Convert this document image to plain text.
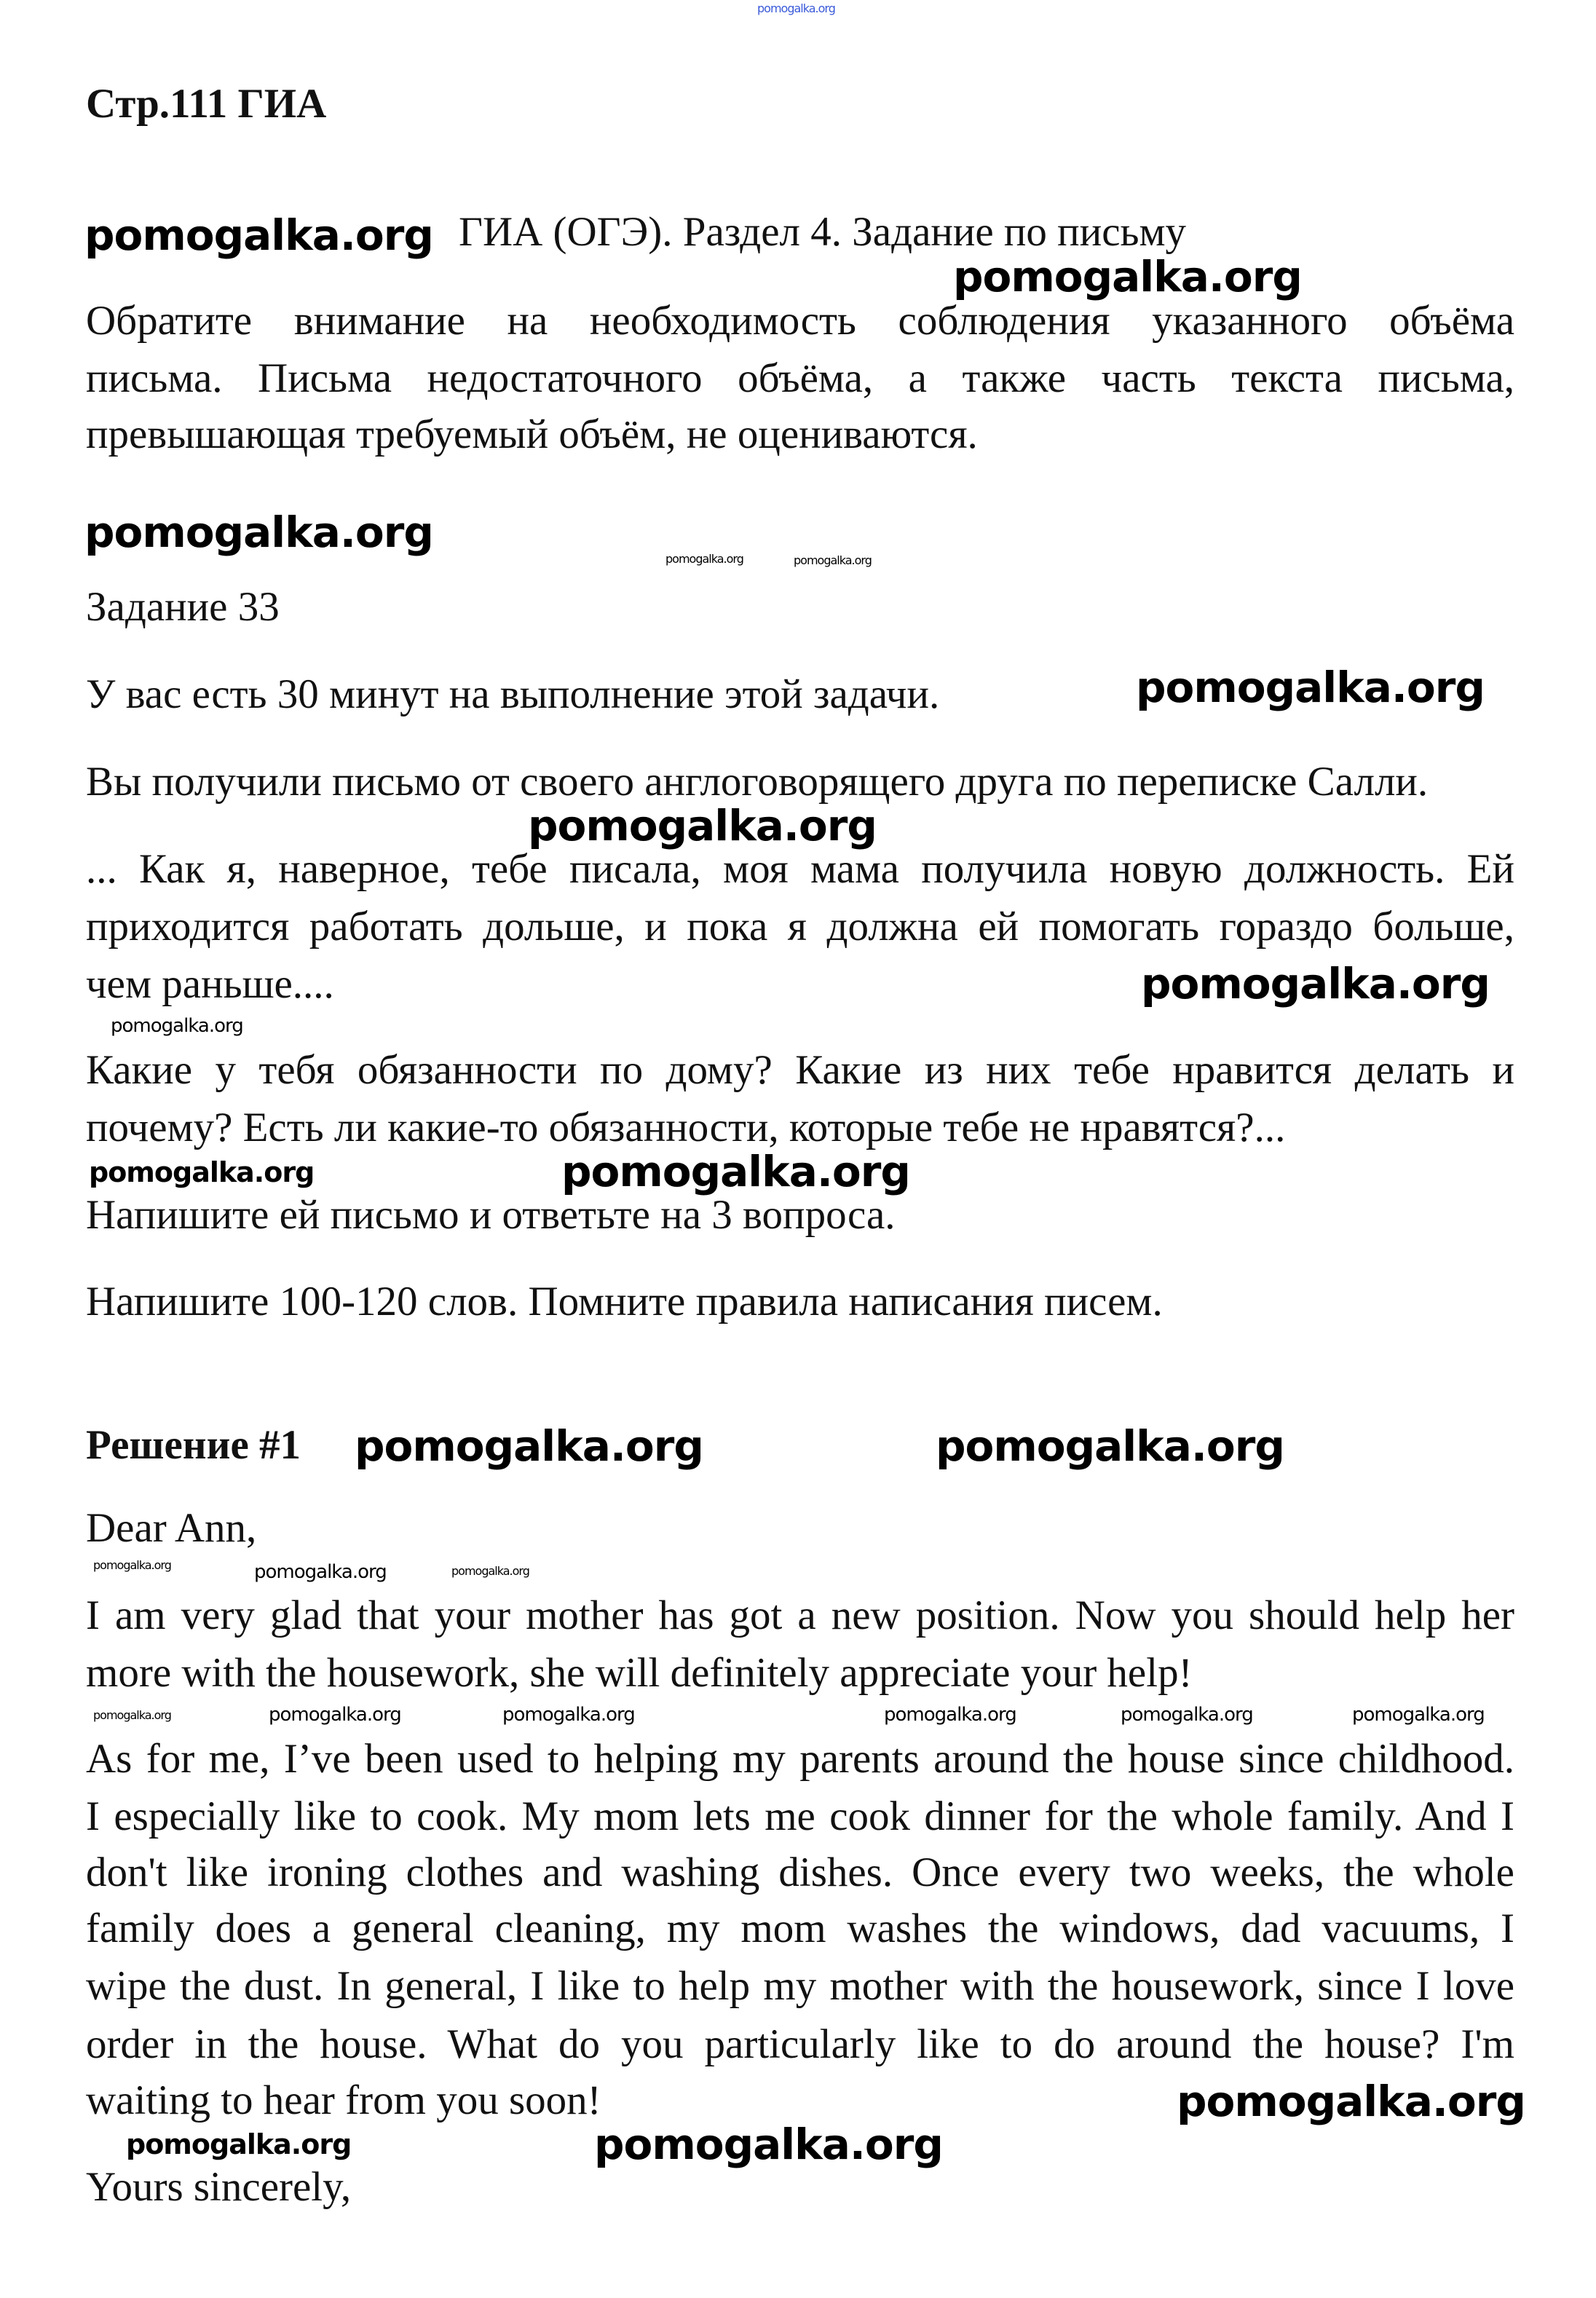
Стр.111 ГИА
ГИА (ОГЭ). Раздел 4. Задание по письму
Обратите внимание на необходимость соблюдения указанного объёма
письма. Письма недостаточного объёма, а также часть текста письма,
превышающая требуемый объём, не оцениваются.
Задание 33
У вас есть 30 минут на выполнение этой задачи.
Вы получили письмо от своего англоговорящего друга по переписке Салли.
... Как я, наверное, тебе писала, моя мама получила новую должность. Ей
приходится работать дольше, и пока я должна ей помогать гораздо больше,
чем раньше....
Какие у тебя обязанности по дому? Какие из них тебе нравится делать и
почему? Есть ли какие-то обязанности, которые тебе не нравятся?...
Напишите ей письмо и ответьте на 3 вопроса.
Напишите 100-120 слов. Помните правила написания писем.
Решение #1
Dear Ann,
I am very glad that your mother has got a new position. Now you should help her
more with the housework, she will definitely appreciate your help!
As for me, I’ve been used to helping my parents around the house since childhood.
I especially like to cook. My mom lets me cook dinner for the whole family. And I
don't like ironing clothes and washing dishes. Once every two weeks, the whole
family does a general cleaning, my mom washes the windows, dad vacuums, I
wipe the dust. In general, I like to help my mother with the housework, since I love
order in the house. What do you particularly like to do around the house? I'm
waiting to hear from you soon!
Yours sincerely,
pomogalka.org
pomogalka.org
pomogalka.org
pomogalka.org
pomogalka.org	pomogalka.org
pomogalka.org
pomogalka.org
pomogalka.org
pomogalka.org
pomogalka.org	pomogalka.org
pomogalka.org	pomogalka.org
pomogalka.org	pomogalka.org	pomogalka.org
pomogalka.org	pomogalka.org	pomogalka.org	pomogalka.org	pomogalka.org	pomogalka.org
pomogalka.org
pomogalka.org	pomogalka.org
